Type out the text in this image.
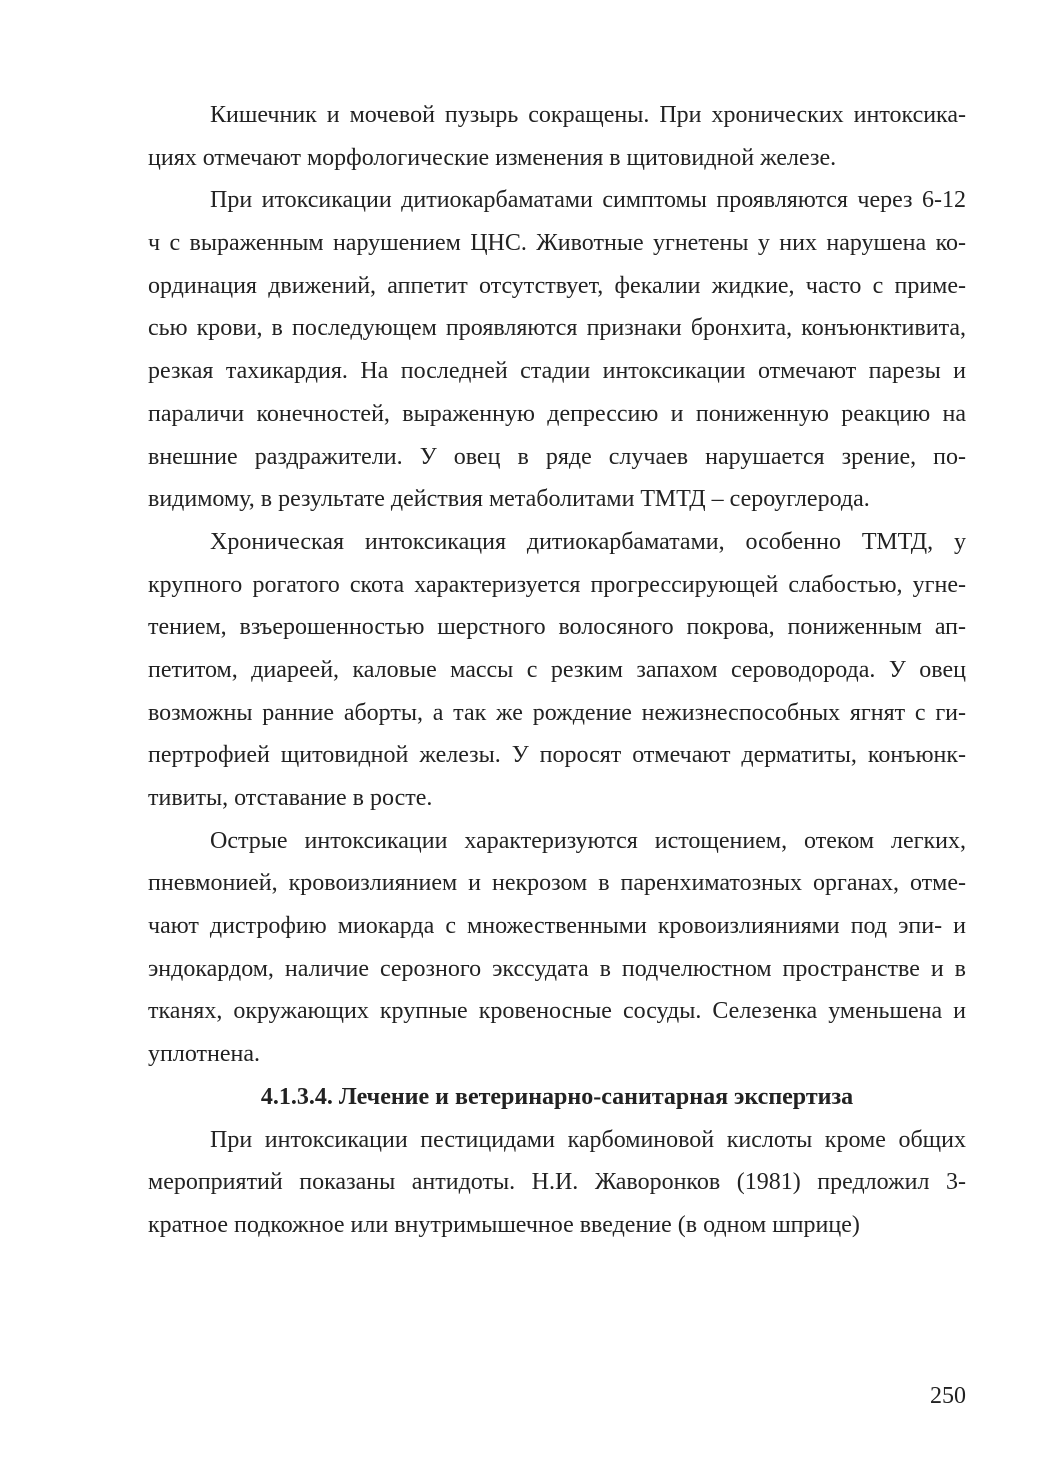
Кишечник и мочевой пузырь сокращены. При хронических интоксика-
циях отмечают морфологические изменения в щитовидной железе.
При итоксикации дитиокарбаматами симптомы проявляются через 6-12
ч с выраженным нарушением ЦНС. Животные угнетены у них нарушена ко-
ординация движений, аппетит отсутствует, фекалии жидкие, часто с приме-
сью крови, в последующем проявляются признаки бронхита, конъюнктивита,
резкая тахикардия. На последней стадии интоксикации отмечают парезы и
параличи конечностей, выраженную депрессию и пониженную реакцию на
внешние раздражители. У овец в ряде случаев нарушается зрение, по-
видимому, в результате действия метаболитами ТМТД – сероуглерода.
Хроническая интоксикация дитиокарбаматами, особенно ТМТД, у
крупного рогатого скота характеризуется прогрессирующей слабостью, угне-
тением, взъерошенностью шерстного волосяного покрова, пониженным ап-
петитом, диареей, каловые массы с резким запахом сероводорода. У овец
возможны ранние аборты, а так же рождение нежизнеспособных ягнят с ги-
пертрофией щитовидной железы. У поросят отмечают дерматиты, конъюнк-
тивиты, отставание в росте.
Острые интоксикации характеризуются истощением, отеком легких,
пневмонией, кровоизлиянием и некрозом в паренхиматозных органах, отме-
чают дистрофию миокарда с множественными кровоизлияниями под эпи- и
эндокардом, наличие серозного экссудата в подчелюстном пространстве и в
тканях, окружающих крупные кровеносные сосуды. Селезенка уменьшена и
уплотнена.
4.1.3.4. Лечение и ветеринарно-санитарная экспертиза
При интоксикации пестицидами карбоминовой кислоты кроме общих
мероприятий показаны антидоты. Н.И. Жаворонков (1981) предложил 3-
кратное подкожное или внутримышечное введение (в одном шприце)
250
